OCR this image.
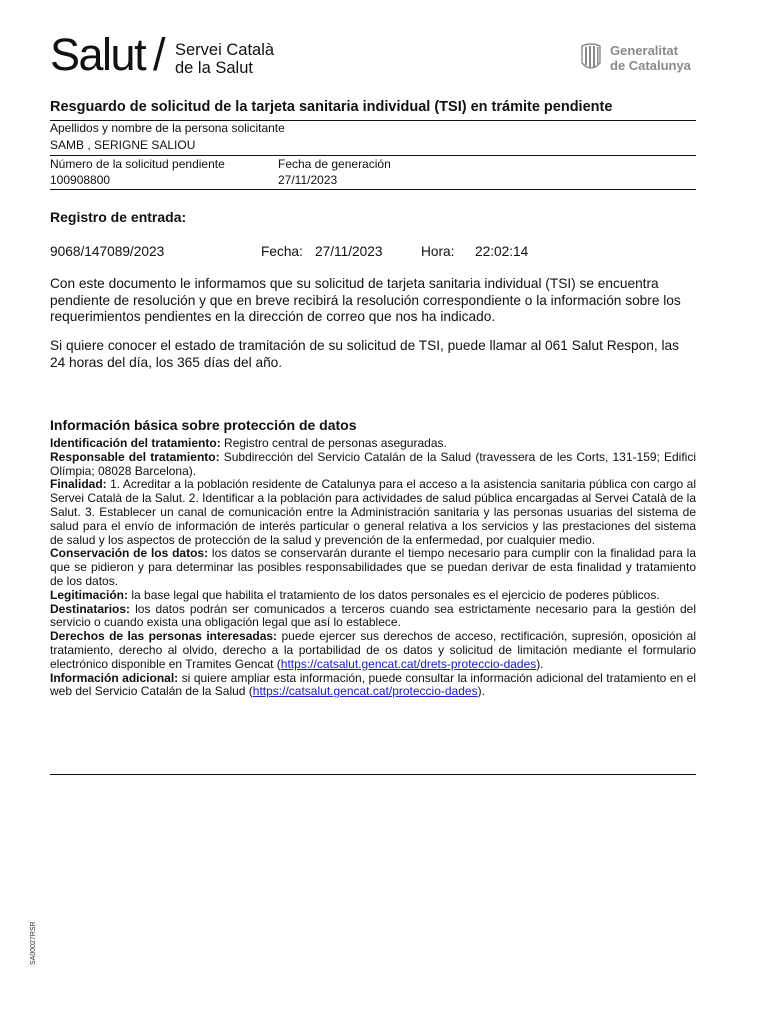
Salut / Servei Català
de la Salut
Generalitat
de Catalunya
Resguardo de solicitud de la tarjeta sanitaria individual (TSI) en trámite pendiente
Apellidos y nombre de la persona solicitante
SAMB , SERIGNE SALIOU
Número de la solicitud pendiente
100908800
Fecha de generación
27/11/2023
Registro de entrada:
9068/147089/2023	Fecha: 27/11/2023	Hora: 22:02:14
Con este documento le informamos que su solicitud de tarjeta sanitaria individual (TSI) se encuentra pendiente de resolución y que en breve recibirá la resolución correspondiente o la información sobre los requerimientos pendientes en la dirección de correo que nos ha indicado.
Si quiere conocer el estado de tramitación de su solicitud de TSI, puede llamar al 061 Salut Respon, las 24 horas del día, los 365 días del año.
Información básica sobre protección de datos

Identificación del tratamiento: Registro central de personas aseguradas.

Responsable del tratamiento: Subdirección del Servicio Catalán de la Salud (travessera de les Corts, 131-159; Edifici Olímpia; 08028 Barcelona).

Finalidad: 1. Acreditar a la población residente de Catalunya para el acceso a la asistencia sanitaria pública con cargo al Servei Català de la Salut. 2. Identificar a la población para actividades de salud pública encargadas al Servei Català de la Salut. 3. Establecer un canal de comunicación entre la Administración sanitaria y las personas usuarias del sistema de salud para el envío de información de interés particular o general relativa a los servicios y las prestaciones del sistema de salud y los aspectos de protección de la salud y prevención de la enfermedad, por cualquier medio.

Conservación de los datos: los datos se conservarán durante el tiempo necesario para cumplir con la finalidad para la que se pidieron y para determinar las posibles responsabilidades que se puedan derivar de esta finalidad y tratamiento de los datos.

Legitimación: la base legal que habilita el tratamiento de los datos personales es el ejercicio de poderes públicos.

Destinatarios: los datos podrán ser comunicados a terceros cuando sea estrictamente necesario para la gestión del servicio o cuando exista una obligación legal que así lo establece.

Derechos de las personas interesadas: puede ejercer sus derechos de acceso, rectificación, supresión, oposición al tratamiento, derecho al olvido, derecho a la portabilidad de os datos y solicitud de limitación mediante el formulario electrónico disponible en Tramites Gencat (https://catsalut.gencat.cat/drets-proteccio-dades).

Información adicional: si quiere ampliar esta información, puede consultar la información adicional del tratamiento en el web del Servicio Catalán de la Salud (https://catsalut.gencat.cat/proteccio-dades).

SA00027RSR
